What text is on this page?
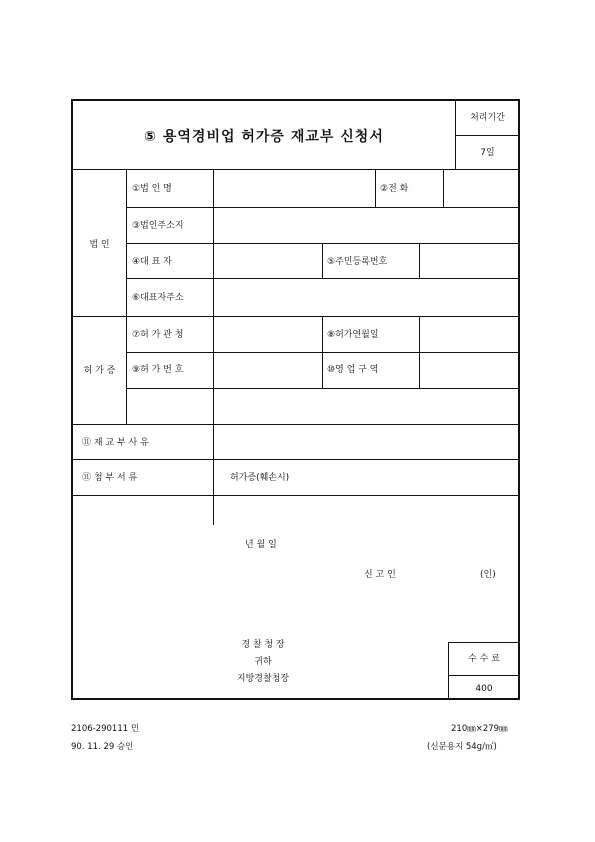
⑤ 용역경비업 허가증 재교부 신청서
처리기간
7일
법 인
①법 인 명	②전 화
③법인주소지
④대 표 자	⑤주민등록번호
⑥대표자주소
허 가 증
⑦허 가 관 청	⑧허가연월일
⑨허 가 번 호	⑩영 업 구 역
⑪ 재 교 부 사 유
⑪ 첨 부 서 류	허가증(훼손시)
년 월 일
신 고 인	(인)
경 찰 청 장
귀하
지방경찰청장
수 수 료
400
2106-290111 민
90. 11. 29 승인
210㎜×279㎜
(신문용지 54g/㎡)
